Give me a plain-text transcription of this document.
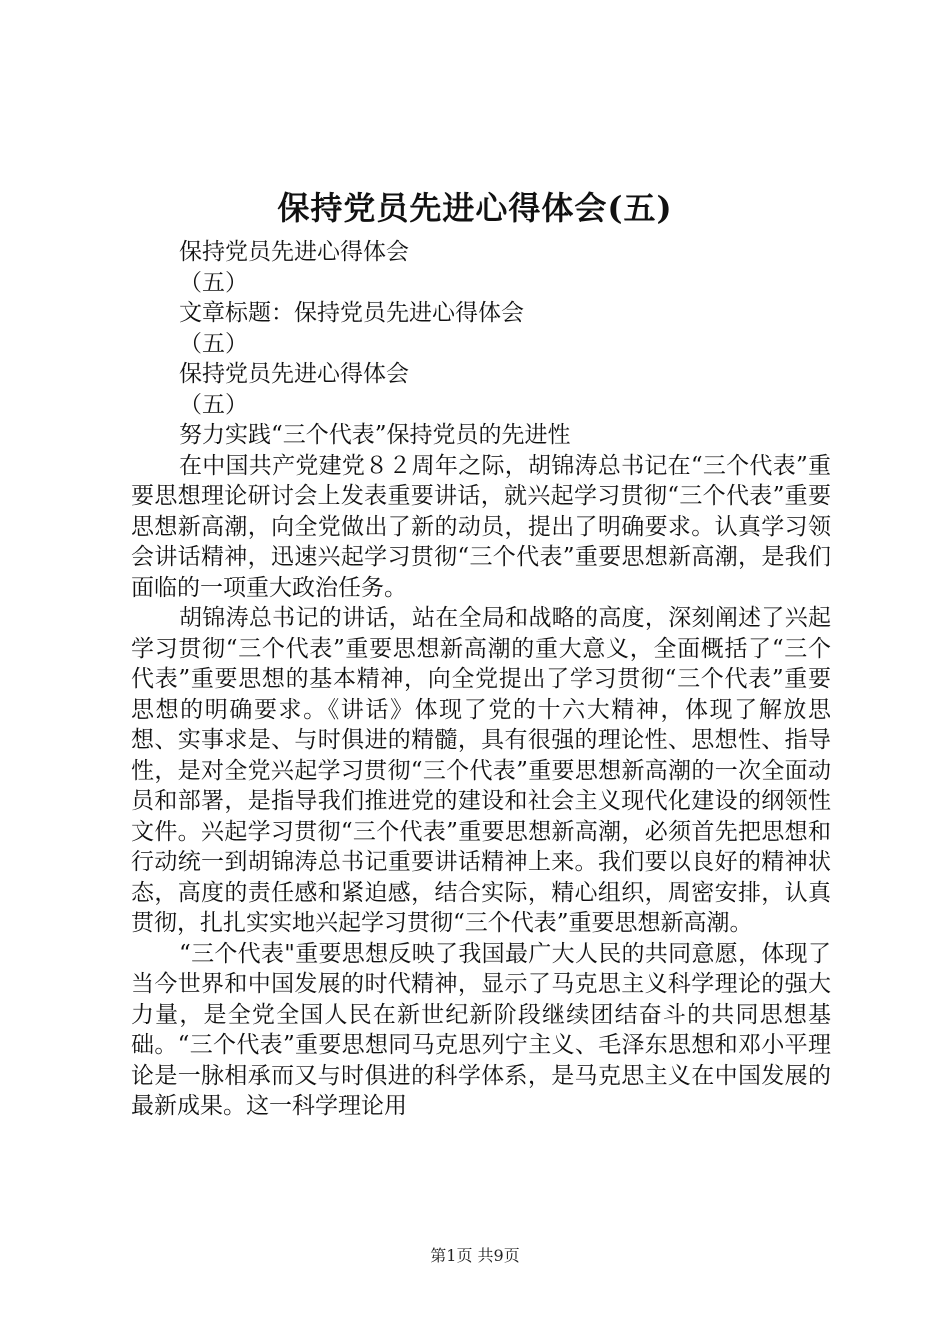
保持党员先进心得体会(五)

保持党员先进心得体会

（五）

文章标题：保持党员先进心得体会

（五）

保持党员先进心得体会

（五）

努力实践“三个代表”保持党员的先进性

在中国共产党建党８２周年之际，胡锦涛总书记在“三个代表”重要思想理论研讨会上发表重要讲话，就兴起学习贯彻“三个代表”重要思想新高潮，向全党做出了新的动员，提出了明确要求。认真学习领会讲话精神，迅速兴起学习贯彻“三个代表”重要思想新高潮，是我们面临的一项重大政治任务。

胡锦涛总书记的讲话，站在全局和战略的高度，深刻阐述了兴起学习贯彻“三个代表”重要思想新高潮的重大意义，全面概括了“三个代表”重要思想的基本精神，向全党提出了学习贯彻“三个代表”重要思想的明确要求。《讲话》体现了党的十六大精神，体现了解放思想、实事求是、与时俱进的精髓，具有很强的理论性、思想性、指导性，是对全党兴起学习贯彻“三个代表”重要思想新高潮的一次全面动员和部署，是指导我们推进党的建设和社会主义现代化建设的纲领性文件。兴起学习贯彻“三个代表”重要思想新高潮，必须首先把思想和行动统一到胡锦涛总书记重要讲话精神上来。我们要以良好的精神状态，高度的责任感和紧迫感，结合实际，精心组织，周密安排，认真贯彻，扎扎实实地兴起学习贯彻“三个代表”重要思想新高潮。

“三个代表"重要思想反映了我国最广大人民的共同意愿，体现了当今世界和中国发展的时代精神，显示了马克思主义科学理论的强大力量，是全党全国人民在新世纪新阶段继续团结奋斗的共同思想基础。“三个代表”重要思想同马克思列宁主义、毛泽东思想和邓小平理论是一脉相承而又与时俱进的科学体系，是马克思主义在中国发展的最新成果。这一科学理论用

第1页 共9页
